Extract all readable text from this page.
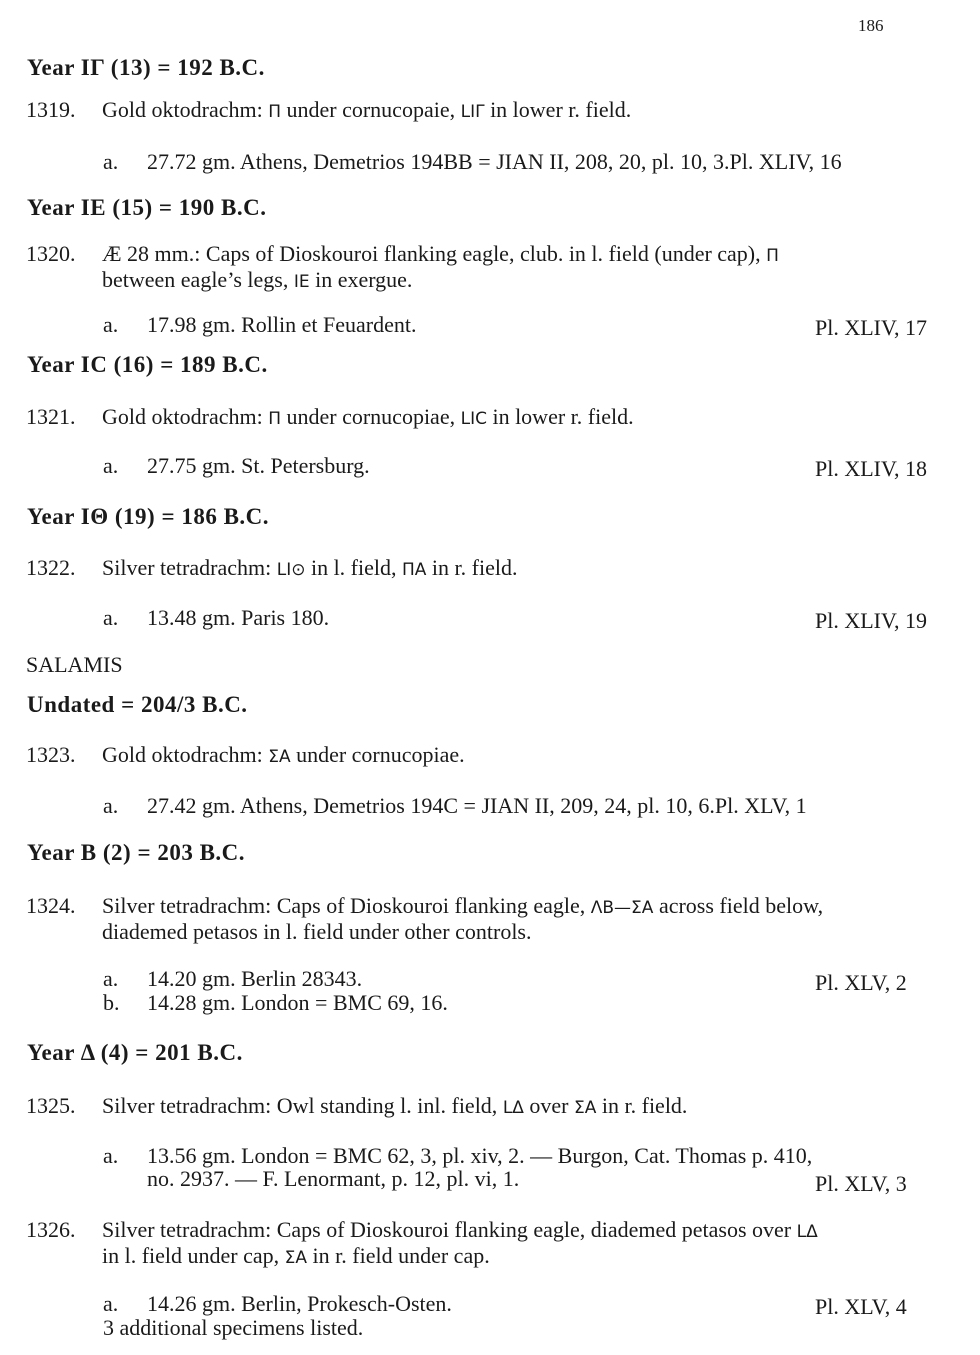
186
Year ΙΓ (13) = 192 B.C.
1319. Gold oktodrachm: Π under cornucopaie, LΙΓ in lower r. field.
a. 27.72 gm. Athens, Demetrios 194BB = JIAN II, 208, 20, pl. 10, 3.Pl. XLIV, 16
Year ΙΕ (15) = 190 B.C.
1320. Æ 28 mm.: Caps of Dioskouroi flanking eagle, club. in l. field (under cap), Π
between eagle’s legs, ΙΕ in exergue.
a. 17.98 gm. Rollin et Feuardent.	Pl. XLIV, 17
Year ΙϹ (16) = 189 B.C.
1321. Gold oktodrachm: Π under cornucopiae, LΙϹ in lower r. field.
a. 27.75 gm. St. Petersburg.	Pl. XLIV, 18
Year ΙΘ (19) = 186 B.C.
1322. Silver tetradrachm: LΙ⊙ in l. field, ΠΑ in r. field.
a. 13.48 gm. Paris 180.	Pl. XLIV, 19
SALAMIS
Undated = 204/3 B.C.
1323. Gold oktodrachm: ΣΑ under cornucopiae.
a. 27.42 gm. Athens, Demetrios 194C = JIAN II, 209, 24, pl. 10, 6.Pl. XLV, 1
Year Β (2) = 203 B.C.
1324. Silver tetradrachm: Caps of Dioskouroi flanking eagle, ΛΒ—ΣΑ across field below,
diademed petasos in l. field under other controls.
a. 14.20 gm. Berlin 28343.	Pl. XLV, 2
b. 14.28 gm. London = BMC 69, 16.
Year Δ (4) = 201 B.C.
1325. Silver tetradrachm: Owl standing l. inl. field, LΔ over ΣΑ in r. field.
a. 13.56 gm. London = BMC 62, 3, pl. xiv, 2. — Burgon, Cat. Thomas p. 410,
no. 2937. — F. Lenormant, p. 12, pl. vi, 1.	Pl. XLV, 3
1326. Silver tetradrachm: Caps of Dioskouroi flanking eagle, diademed petasos over LΔ
in l. field under cap, ΣΑ in r. field under cap.
a. 14.26 gm. Berlin, Prokesch-Osten.	Pl. XLV, 4
3 additional specimens listed.
